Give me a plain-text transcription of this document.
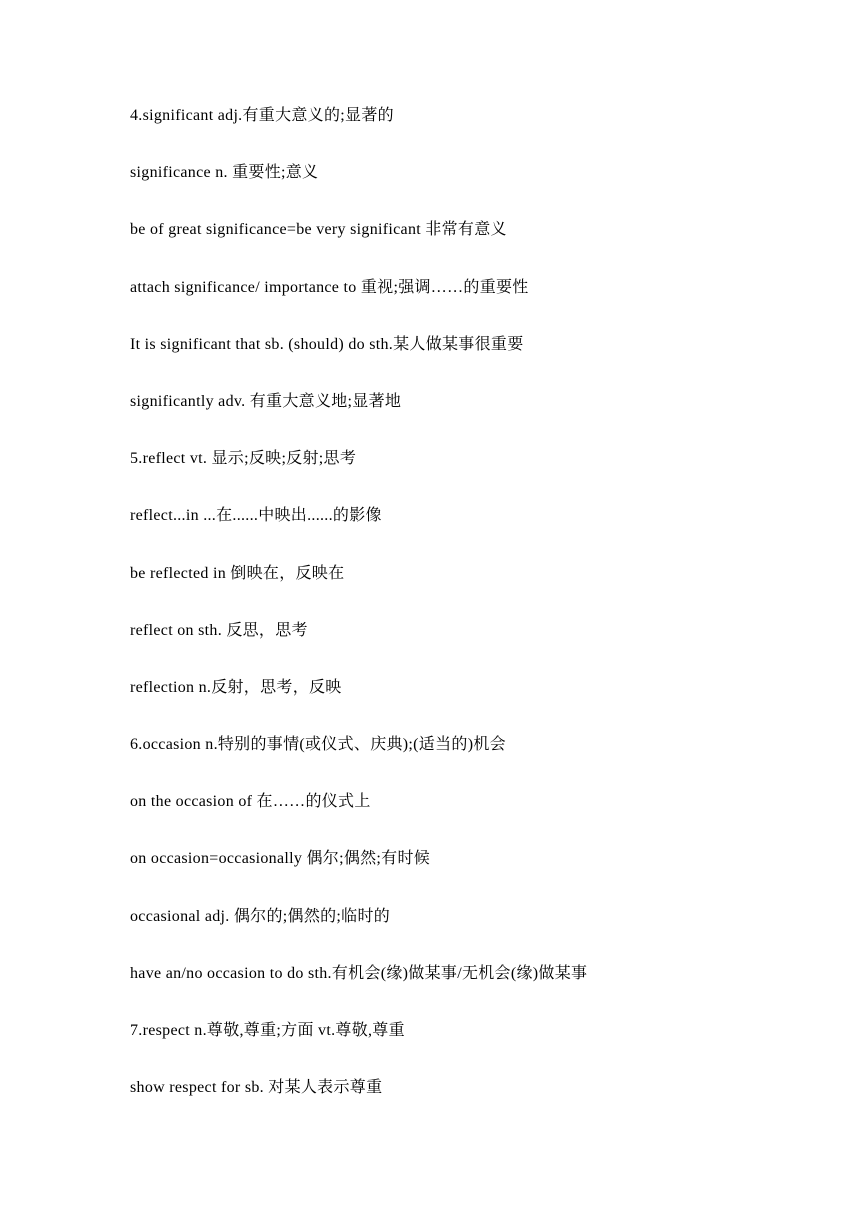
4.significant adj.有重大意义的;显著的
significance n. 重要性;意义
be of great significance=be very significant 非常有意义
attach significance/ importance to 重视;强调……的重要性
It is significant that sb. (should) do sth.某人做某事很重要
significantly adv. 有重大意义地;显著地
5.reflect vt. 显示;反映;反射;思考
reflect...in ...在......中映出......的影像
be reflected in 倒映在，反映在
reflect on sth. 反思，思考
reflection n.反射，思考，反映
6.occasion n.特别的事情(或仪式、庆典);(适当的)机会
on the occasion of 在……的仪式上
on occasion=occasionally 偶尔;偶然;有时候
occasional adj. 偶尔的;偶然的;临时的
have an/no occasion to do sth.有机会(缘)做某事/无机会(缘)做某事
7.respect n.尊敬,尊重;方面 vt.尊敬,尊重
show respect for sb. 对某人表示尊重
